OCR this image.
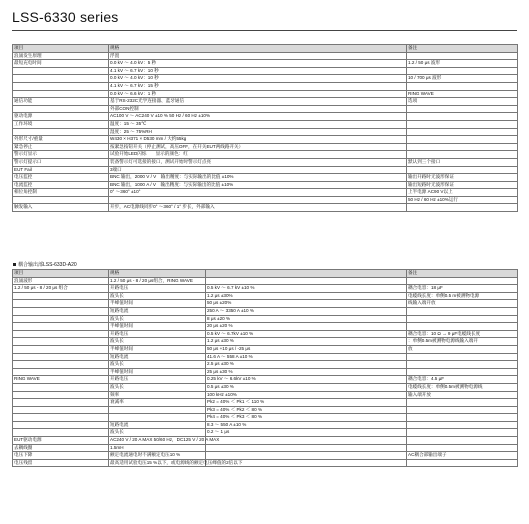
LSS-6330 series
项目	规格	备注
浪涌发生原理	浮置	
最短充电时间	0.0 kV ～ 4.0 kV：5 秒	1.2 / 50 μs 波形
	4.1 kV ～ 6.7 kV：10 秒	
	0.0 kV ～ 4.0 kV：10 秒	10 / 700 μs 波形
	4.1 kV ～ 6.7 kV：15 秒	
	0.0 kV ～ 6.6 kV：1 秒	RING WAVE
通信功能	基于RS-232C光学连接器、蓝牙通信	选项
	外部CON控制	
驱动电源	AC100 V ～ AC240 V ±10 % 50 Hz / 60 Hz ±10%	
工作环境	温度：15 ～ 35℃	
	湿度：25 ～ 75%RH	
外形尺寸/重量	W430 × H371 × D530 mm / 大约55kg	
紧急停止	按紧急按钮开关（停止测试，高压OFF，在开关EUT两线路开关）	
警示灯显示	试验开始LED闪烁　　显示的颜色：红	
警示灯提示口	装备警示灯可选接的接口，测试开始时警示灯点亮	默认到三个接口
EUT Fail	3端口	
电压监控	BNC 输出，2000 V / V　输出精度：与实际输出的比值 ±10%	输出开路时无波形保证
电流监控	BNC 输出，1000 A / V　输出精度：与实际输出的比值 ±10%	输出短路时无波形保证
相位角控制	0° ～360° ±10°	上半电源 AC90 V以上
		50 Hz / 60 Hz ±10%运行
触发输入	开步，AC电源线同步0° ～360° / 1° 步长，外部输入	
耦合输出部LSS-633D-A20
项目	规格		备注
浪涌波形	1.2 / 50 μs - 8 / 20 μs组合，RING WAVE		
1.2 / 50 μs - 8 / 20 μs 组合	开路电压	0.5 kV ～ 6.7 kV ±10 %	耦合电容：18 μF
	波头长	1.2 μs ±30%	电缆线长度：单侧0.5 m被测物电源
	半峰值时间	50 μs ±20%	线输入端开放
	短路电流	250 A ～ 3350 A ±10 %	
	波头长	8 μs ±20 %	
	半峰值时间	20 μs ±20 %	
	开路电压	0.5 kV ～ 6.7kV ±10 %	耦合电容：10 Ω → 9 μF电缆线长度
	波头长	1.2 μs ±30 %	：单侧0.5m被测物电源线输入端开
	半峰值时间	50 μs +10 μs / -25 μs	放
	短路电流	41.6 A ～ 558 A ±10 %	
	波头长	2.5 μs ±30 %	
	半峰值时间	25 μs ±30 %	
RING WAVE	开路电压	0.25 kV ～ 6.6kV ±10 %	耦合电容：4.5 μF
	波头长	0.5 μs ±30 %	电缆线长度：单侧0.5m被测物电源线
	频率	100 kHz ±10%	输入端开放
	衰减率	Pk2 = 40% ＜ Pk1 ＜ 110 %	
		Pk3 = 40% ＜ Pk2 ＜ 80 %	
		Pk4 = 40% ＜ Pk3 ＜ 80 %	
	短路电流	8.3 ～ 550 A ±10 %	
	波头长	0.2 ～ 1 μs	
EUT驱动电源	AC240 V / 20 A MAX 50/60 Hz，DC125 V / 20 A MAX		
去耦线圈	1.5mH		
电压下降	额定电流通电时不满额定电压10 %		AC耦合部输出端子
电压残留	最高适用试验电压15 %以下，或电源线的额定电压峰值的2倍以下		
